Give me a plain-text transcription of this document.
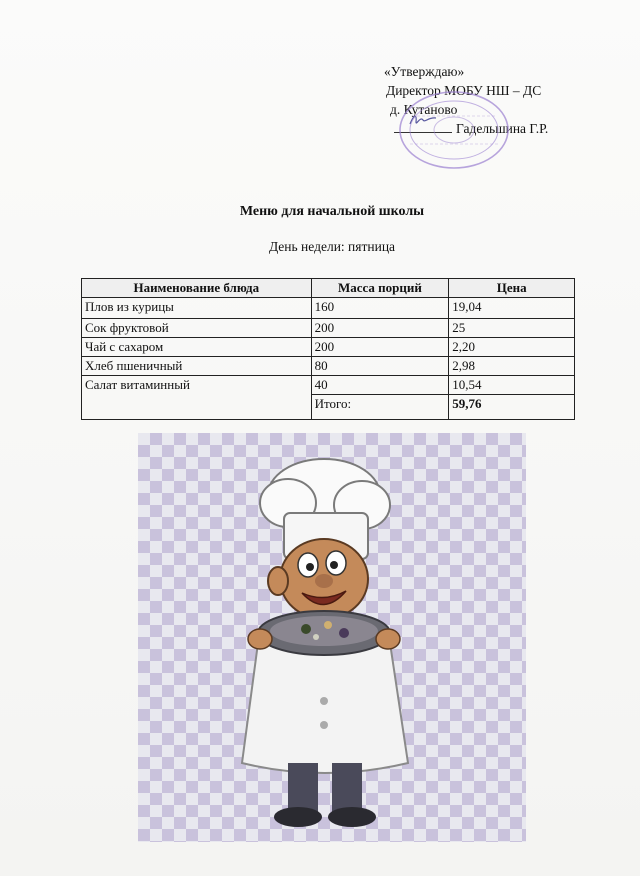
«Утверждаю»
Директор МОБУ НШ – ДС
д. Кутаново
Гадельшина Г.Р.
Меню для начальной школы
День недели: пятница
Наименование блюда	Масса порций	Цена
Плов из курицы	160	19,04
Сок фруктовой	200	25
Чай с сахаром	200	2,20
Хлеб пшеничный	80	2,98
Салат витаминный	40	10,54
	Итого:	59,76
